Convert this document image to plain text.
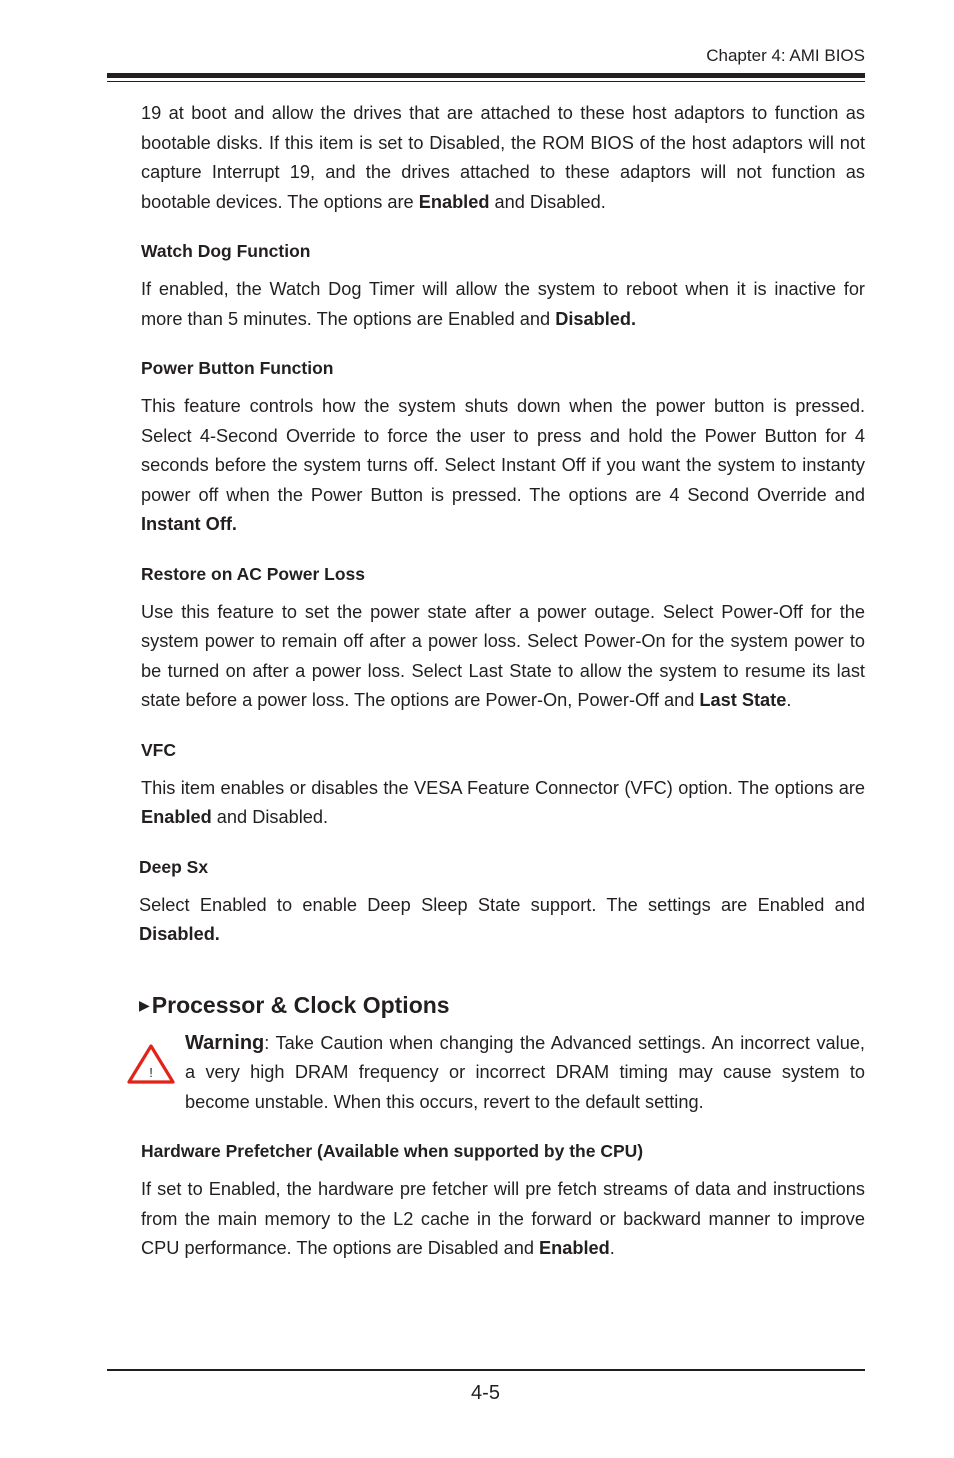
Chapter 4: AMI BIOS

19 at boot and allow the drives that are attached to these host adaptors to function as bootable disks. If this item is set to Disabled, the ROM BIOS of the host adaptors will not capture Interrupt 19, and the drives attached to these adaptors will not function as bootable devices. The options are Enabled and Disabled.

Watch Dog Function

If enabled, the Watch Dog Timer will allow the system to reboot when it is inactive for more than 5 minutes. The options are Enabled and Disabled.

Power Button Function

This feature controls how the system shuts down when the power button is pressed. Select 4-Second Override to force the user to press and hold the Power Button for 4 seconds before the system turns off. Select Instant Off if you want the system to instanty power off when the Power Button is pressed. The options are 4 Second Override and Instant Off.

Restore on AC Power Loss

Use this feature to set the power state after a power outage. Select Power-Off for the system power to remain off after a power loss. Select Power-On for the system power to be turned on after a power loss. Select Last State to allow the system to resume its last state before a power loss. The options are Power-On, Power-Off and Last State.

VFC

This item enables or disables the VESA Feature Connector (VFC) option. The options are Enabled and Disabled.

Deep Sx

Select Enabled to enable Deep Sleep State support. The settings are Enabled and Disabled.

▶Processor & Clock Options
!

Warning: Take Caution when changing the Advanced settings. An incorrect value, a very high DRAM frequency or incorrect DRAM timing may cause system to become unstable. When this occurs, revert to the default setting.

Hardware Prefetcher (Available when supported by the CPU)

If set to Enabled, the hardware pre fetcher will pre fetch streams of data and instructions from the main memory to the L2 cache in the forward or backward manner to improve CPU performance. The options are Disabled and Enabled.

4-5
